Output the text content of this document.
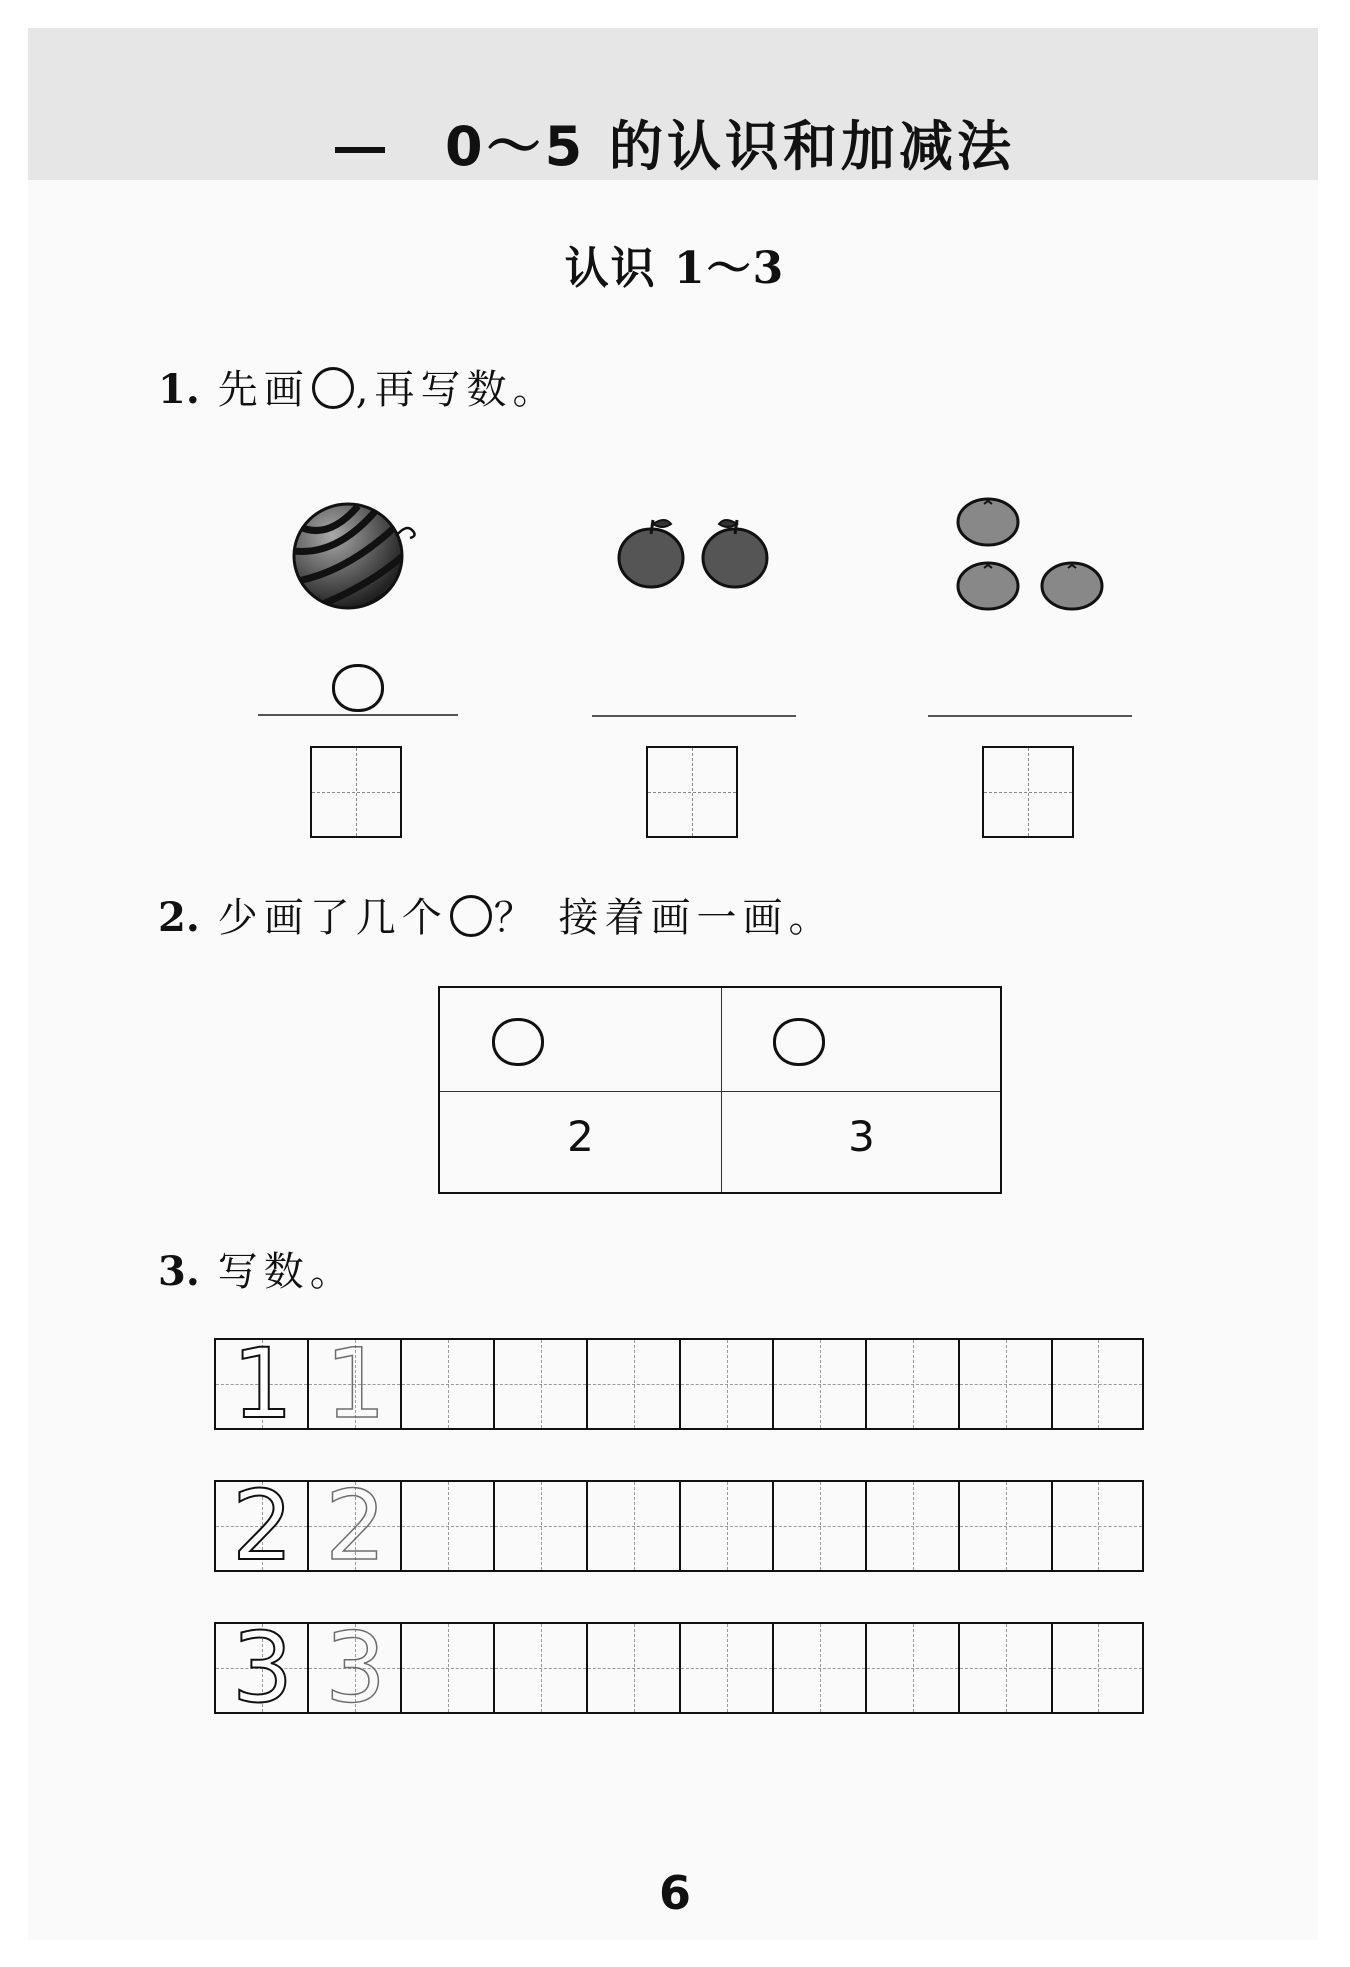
0～5 的认识和加减法
认识 1～3
1. 先画 ,再写数。
2. 少画了几个 ？ 接着画一画。
2	3
3. 写数。
1 1
2 2
3 3
6
